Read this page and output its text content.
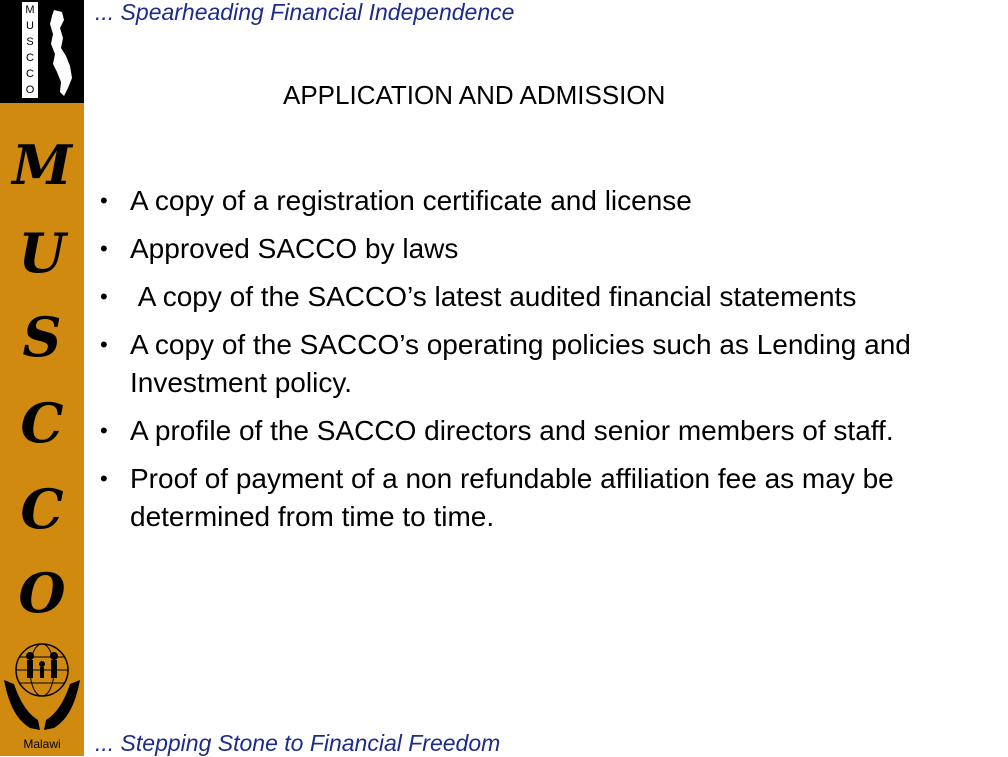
M
U
S
C
C
O
M
U
S
C
C
O
Malawi
... Spearheading Financial Independence
APPLICATION AND ADMISSION
• A copy of a registration certificate and license
• Approved SACCO by laws
• A copy of the SACCO’s latest audited financial statements
• A copy of the SACCO’s operating policies such as Lending and Investment policy.
• A profile of the SACCO directors and senior members of staff.
• Proof of payment of a non refundable affiliation fee as may be determined from time to time.
... Stepping Stone to Financial Freedom
